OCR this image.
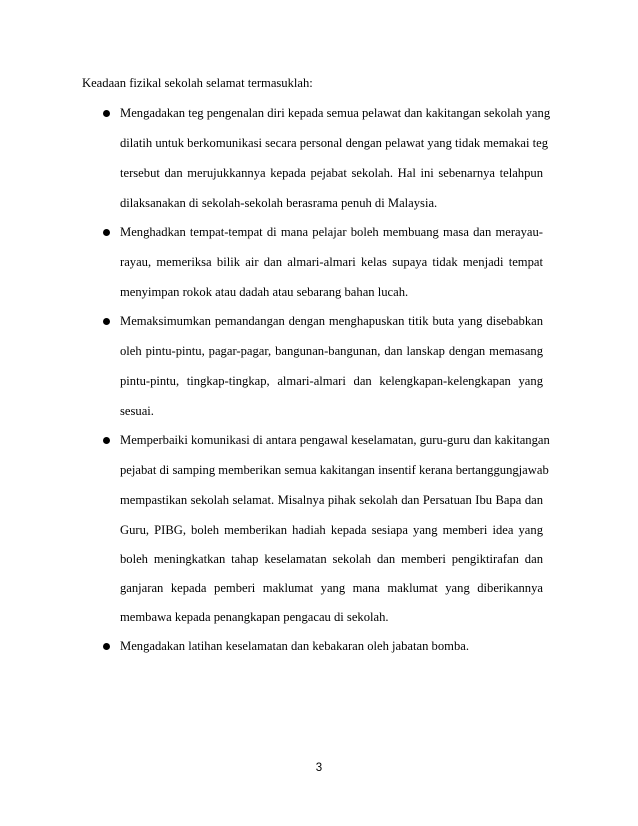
Keadaan fizikal sekolah selamat termasuklah:
Mengadakan teg pengenalan diri kepada semua pelawat dan kakitangan sekolah yang
dilatih untuk berkomunikasi secara personal dengan pelawat yang tidak memakai teg
tersebut dan merujukkannya kepada pejabat sekolah. Hal ini sebenarnya telahpun
dilaksanakan di sekolah-sekolah berasrama penuh di Malaysia.
Menghadkan tempat-tempat di mana pelajar boleh membuang masa dan merayau-
rayau, memeriksa bilik air dan almari-almari kelas supaya tidak menjadi tempat
menyimpan rokok atau dadah atau sebarang bahan lucah.
Memaksimumkan pemandangan dengan menghapuskan titik buta yang disebabkan
oleh pintu-pintu, pagar-pagar, bangunan-bangunan, dan lanskap dengan memasang
pintu-pintu, tingkap-tingkap, almari-almari dan kelengkapan-kelengkapan yang
sesuai.
Memperbaiki komunikasi di antara pengawal keselamatan, guru-guru dan kakitangan
pejabat di samping memberikan semua kakitangan insentif kerana bertanggungjawab
mempastikan sekolah selamat. Misalnya pihak sekolah dan Persatuan Ibu Bapa dan
Guru, PIBG, boleh memberikan hadiah kepada sesiapa yang memberi idea yang
boleh meningkatkan tahap keselamatan sekolah dan memberi pengiktirafan dan
ganjaran kepada pemberi maklumat yang mana maklumat yang diberikannya
membawa kepada penangkapan pengacau di sekolah.
Mengadakan latihan keselamatan dan kebakaran oleh jabatan bomba.
3
